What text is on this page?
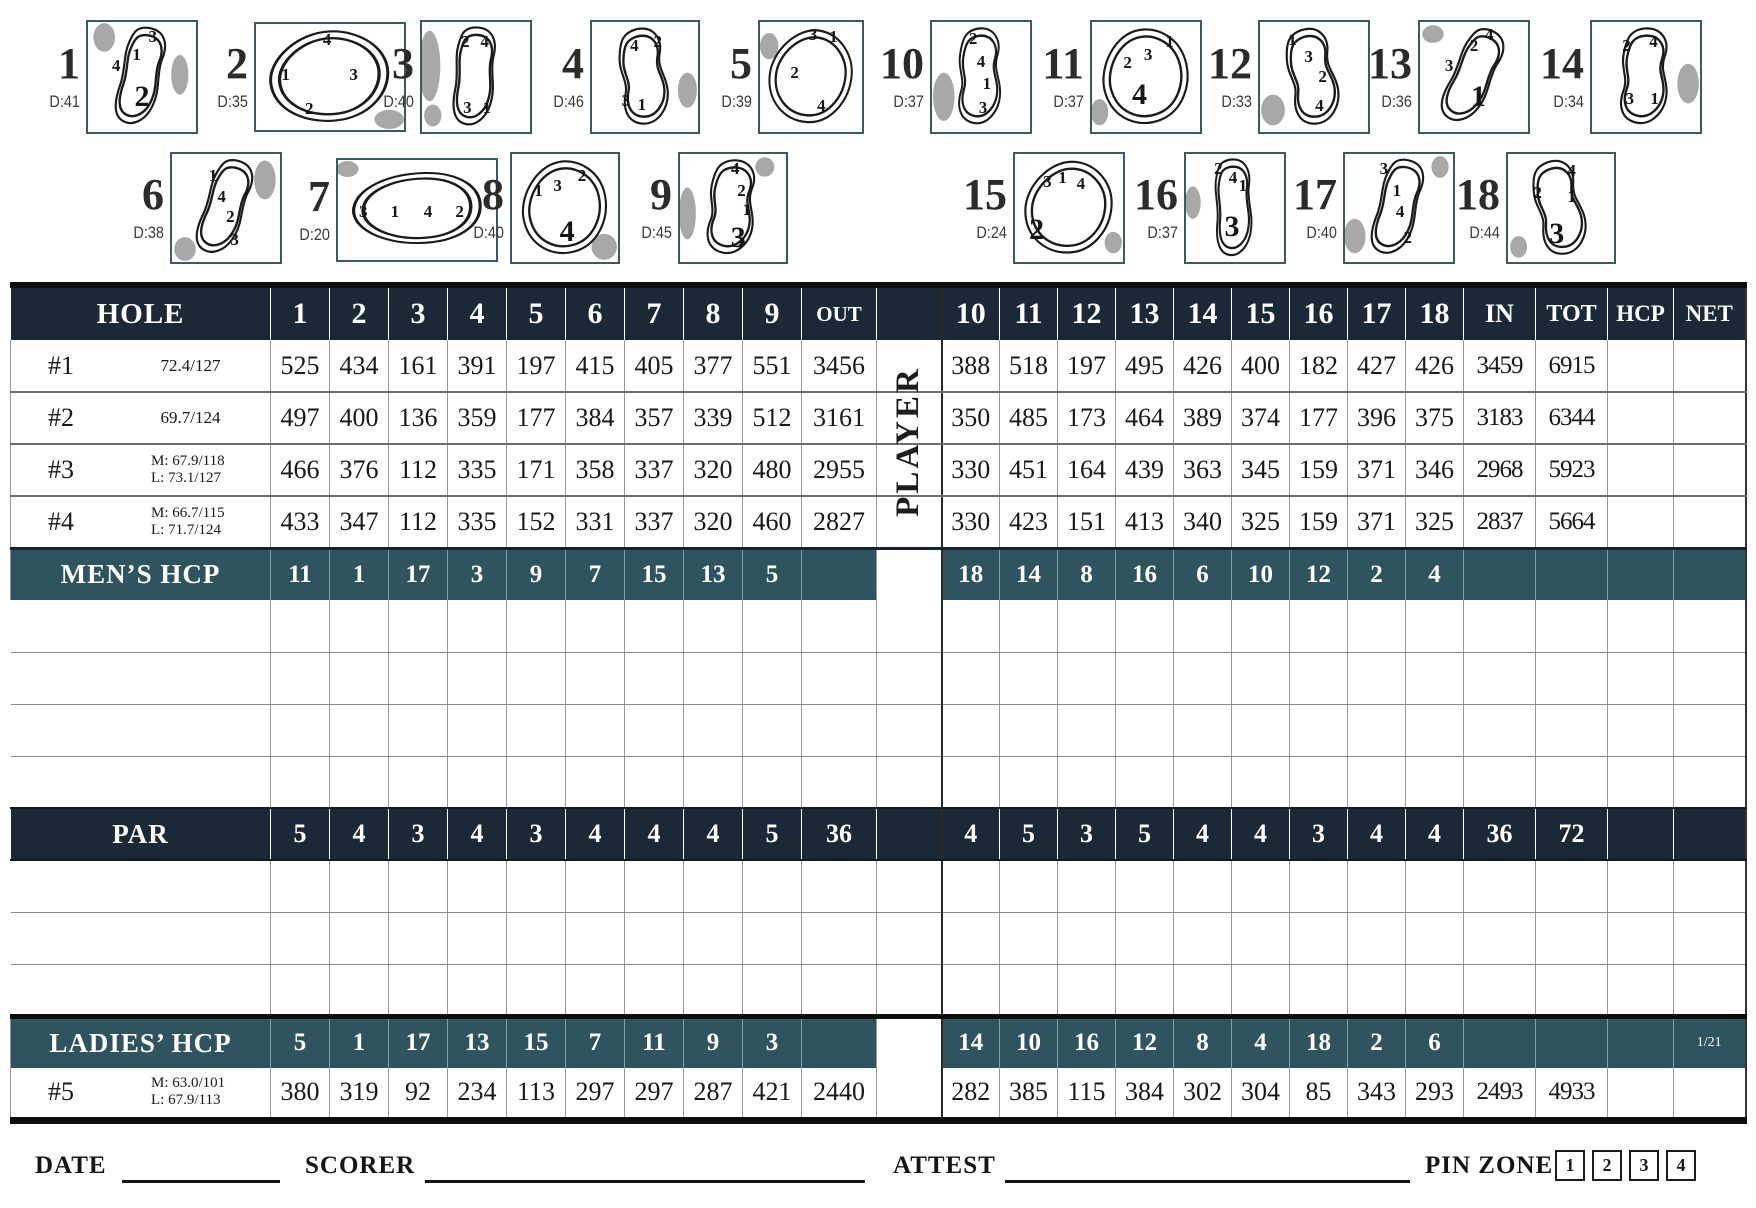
1
D:41
3
1
4
2
2
D:35
4
1	3
2
3
D:40
2 4
3 1
4
D:46
4 2
3 1
5
D:39
3 1
2
4
6
D:38
1
4
2
3
7
D:20
3 1 4 2 8
D:40
1 3
2
4
9
D:45
4
2
1
3
10
D:37
2
4
1
3
11
D:37
1
3
2
4
12
D:33
1
3
2
4
13
D:36
4
2
3
1
14
D:34
2 4
3 1
15
D:24
3 1 4
2
16
D:37
2 4 1
3
17
D:40
3
1
4
2
18
D:44
4
2 1
3
HOLE	1	2	3	4	5	6	7	8	9	OUT		10	11	12	13	14	15	16	17	18	IN	TOT	HCP	NET

#1 72.4/127	525	434	161	391	197	415	405	377	551	3456		388	518	197	495	426	400	182	427	426	3459	6915		

#2 69.7/124	497	400	136	359	177	384	357	339	512	3161		350	485	173	464	389	374	177	396	375	3183	6344		

#3 M: 67.9/118
L: 73.1/127	466	376	112	335	171	358	337	320	480	2955		330	451	164	439	363	345	159	371	346	2968	5923		

#4 M: 66.7/115
L: 71.7/124	433	347	112	335	152	331	337	320	460	2827		330	423	151	413	340	325	159	371	325	2837	5664		
MEN’S HCP	11	1	17	3	9	7	15	13	5			18	14	8	16	6	10	12	2	4				

PAR	5	4	3	4	3	4	4	4	5	36		4	5	3	5	4	4	3	4	4	36	72		

LADIES’ HCP	5	1	17	13	15	7	11	9	3			14	10	16	12	8	4	18	2	6				1/21

#5 M: 63.0/101
L: 67.9/113	380	319	92	234	113	297	297	287	421	2440		282	385	115	384	302	304	85	343	293	2493	4933		
PLAYER
DATE	SCORER	ATTEST	PIN ZONE 1	2	3	4
